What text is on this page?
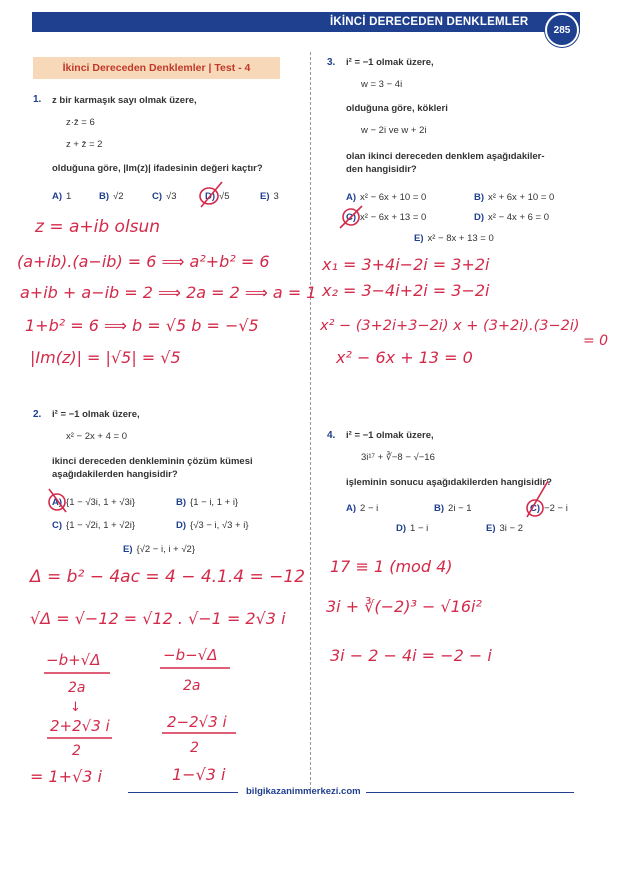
İKİNCİ DERECEDEN DENKLEMLER
285
İkinci Dereceden Denklemler | Test - 4
1. z bir karmaşık sayı olmak üzere,
z·z̄ = 6
z + z̄ = 2
olduğuna göre, |Im(z)| ifadesinin değeri kaçtır?
A) 1	B) √2	C) √3	D) √5	E) 3
2. i² = −1 olmak üzere,
x² − 2x + 4 = 0
ikinci dereceden denkleminin çözüm kümesi
aşağıdakilerden hangisidir?
A) {1 − √3i, 1 + √3i}	B) {1 − i, 1 + i}
C) {1 − √2i, 1 + √2i}	D) {√3 − i, √3 + i}
E) {√2 − i, i + √2}
3. i² = −1 olmak üzere,
w = 3 − 4i
olduğuna göre, kökleri
w − 2i ve w + 2i
olan ikinci dereceden denklem aşağıdakiler-
den hangisidir?
A) x² − 6x + 10 = 0	B) x² + 6x + 10 = 0
C) x² − 6x + 13 = 0	D) x² − 4x + 6 = 0
E) x² − 8x + 13 = 0
4. i² = −1 olmak üzere,
3i¹⁷ + ∛−8 − √−16
işleminin sonucu aşağıdakilerden hangisidir?
A) 2 − i	B) 2i − 1	C) −2 − i
D) 1 − i	E) 3i − 2
bilgikazanimmerkezi.com
z = a+ib olsun
(a+ib).(a−ib) = 6 ⟹ a²+b² = 6
a+ib + a−ib = 2 ⟹ 2a = 2 ⟹ a = 1
1+b² = 6 ⟹ b = √5 b = −√5
|Im(z)| = |√5| = √5
Δ = b² − 4ac = 4 − 4.1.4 = −12
√Δ = √−12 = √12 . √−1 = 2√3 i
−b+√Δ
2a
−b−√Δ
2a
↓
2+2√3 i
2
2−2√3 i
2
= 1+√3 i	1−√3 i
x₁ = 3+4i−2i = 3+2i
x₂ = 3−4i+2i = 3−2i
x² − (3+2i+3−2i) x + (3+2i).(3−2i)
= 0
x² − 6x + 13 = 0
17 ≡ 1 (mod 4)
3i + ∛(−2)³ − √16i²
3i − 2 − 4i = −2 − i
